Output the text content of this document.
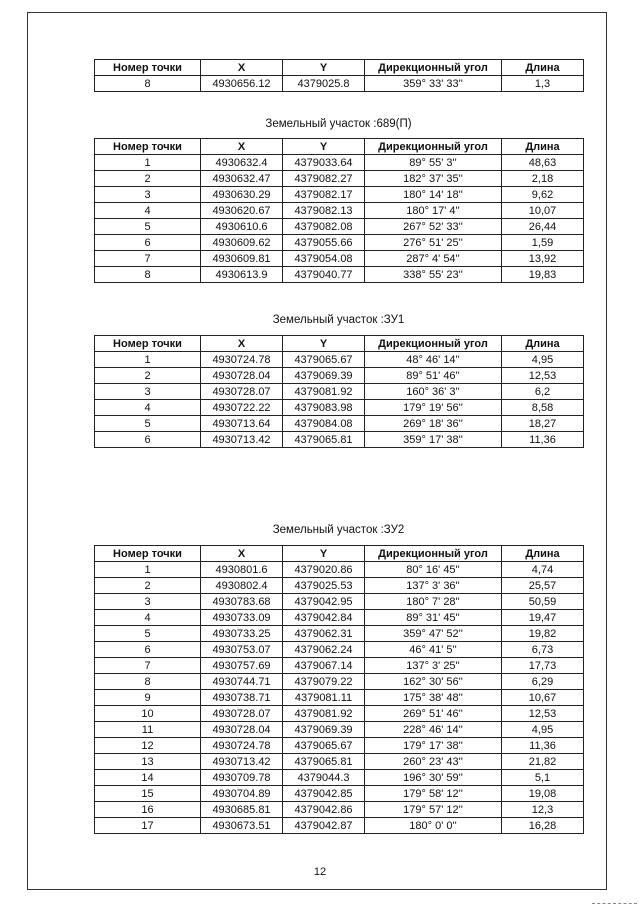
Номер точки	X	Y	Дирекционный угол	Длина
8	4930656.12	4379025.8	359° 33' 33''	1,3
Земельный участок :689(П)
Номер точки	X	Y	Дирекционный угол	Длина
1	4930632.4	4379033.64	89° 55' 3''	48,63
2	4930632.47	4379082.27	182° 37' 35''	2,18
3	4930630.29	4379082.17	180° 14' 18''	9,62
4	4930620.67	4379082.13	180° 17' 4''	10,07
5	4930610.6	4379082.08	267° 52' 33''	26,44
6	4930609.62	4379055.66	276° 51' 25''	1,59
7	4930609.81	4379054.08	287° 4' 54''	13,92
8	4930613.9	4379040.77	338° 55' 23''	19,83
Земельный участок :ЗУ1
Номер точки	X	Y	Дирекционный угол	Длина
1	4930724.78	4379065.67	48° 46' 14''	4,95
2	4930728.04	4379069.39	89° 51' 46''	12,53
3	4930728.07	4379081.92	160° 36' 3''	6,2
4	4930722.22	4379083.98	179° 19' 56''	8,58
5	4930713.64	4379084.08	269° 18' 36''	18,27
6	4930713.42	4379065.81	359° 17' 38''	11,36
Земельный участок :ЗУ2
Номер точки	X	Y	Дирекционный угол	Длина
1	4930801.6	4379020.86	80° 16' 45''	4,74
2	4930802.4	4379025.53	137° 3' 36''	25,57
3	4930783.68	4379042.95	180° 7' 28''	50,59
4	4930733.09	4379042.84	89° 31' 45''	19,47
5	4930733.25	4379062.31	359° 47' 52''	19,82
6	4930753.07	4379062.24	46° 41' 5''	6,73
7	4930757.69	4379067.14	137° 3' 25''	17,73
8	4930744.71	4379079.22	162° 30' 56''	6,29
9	4930738.71	4379081.11	175° 38' 48''	10,67
10	4930728.07	4379081.92	269° 51' 46''	12,53
11	4930728.04	4379069.39	228° 46' 14''	4,95
12	4930724.78	4379065.67	179° 17' 38''	11,36
13	4930713.42	4379065.81	260° 23' 43''	21,82
14	4930709.78	4379044.3	196° 30' 59''	5,1
15	4930704.89	4379042.85	179° 58' 12''	19,08
16	4930685.81	4379042.86	179° 57' 12''	12,3
17	4930673.51	4379042.87	180° 0' 0''	16,28
12
